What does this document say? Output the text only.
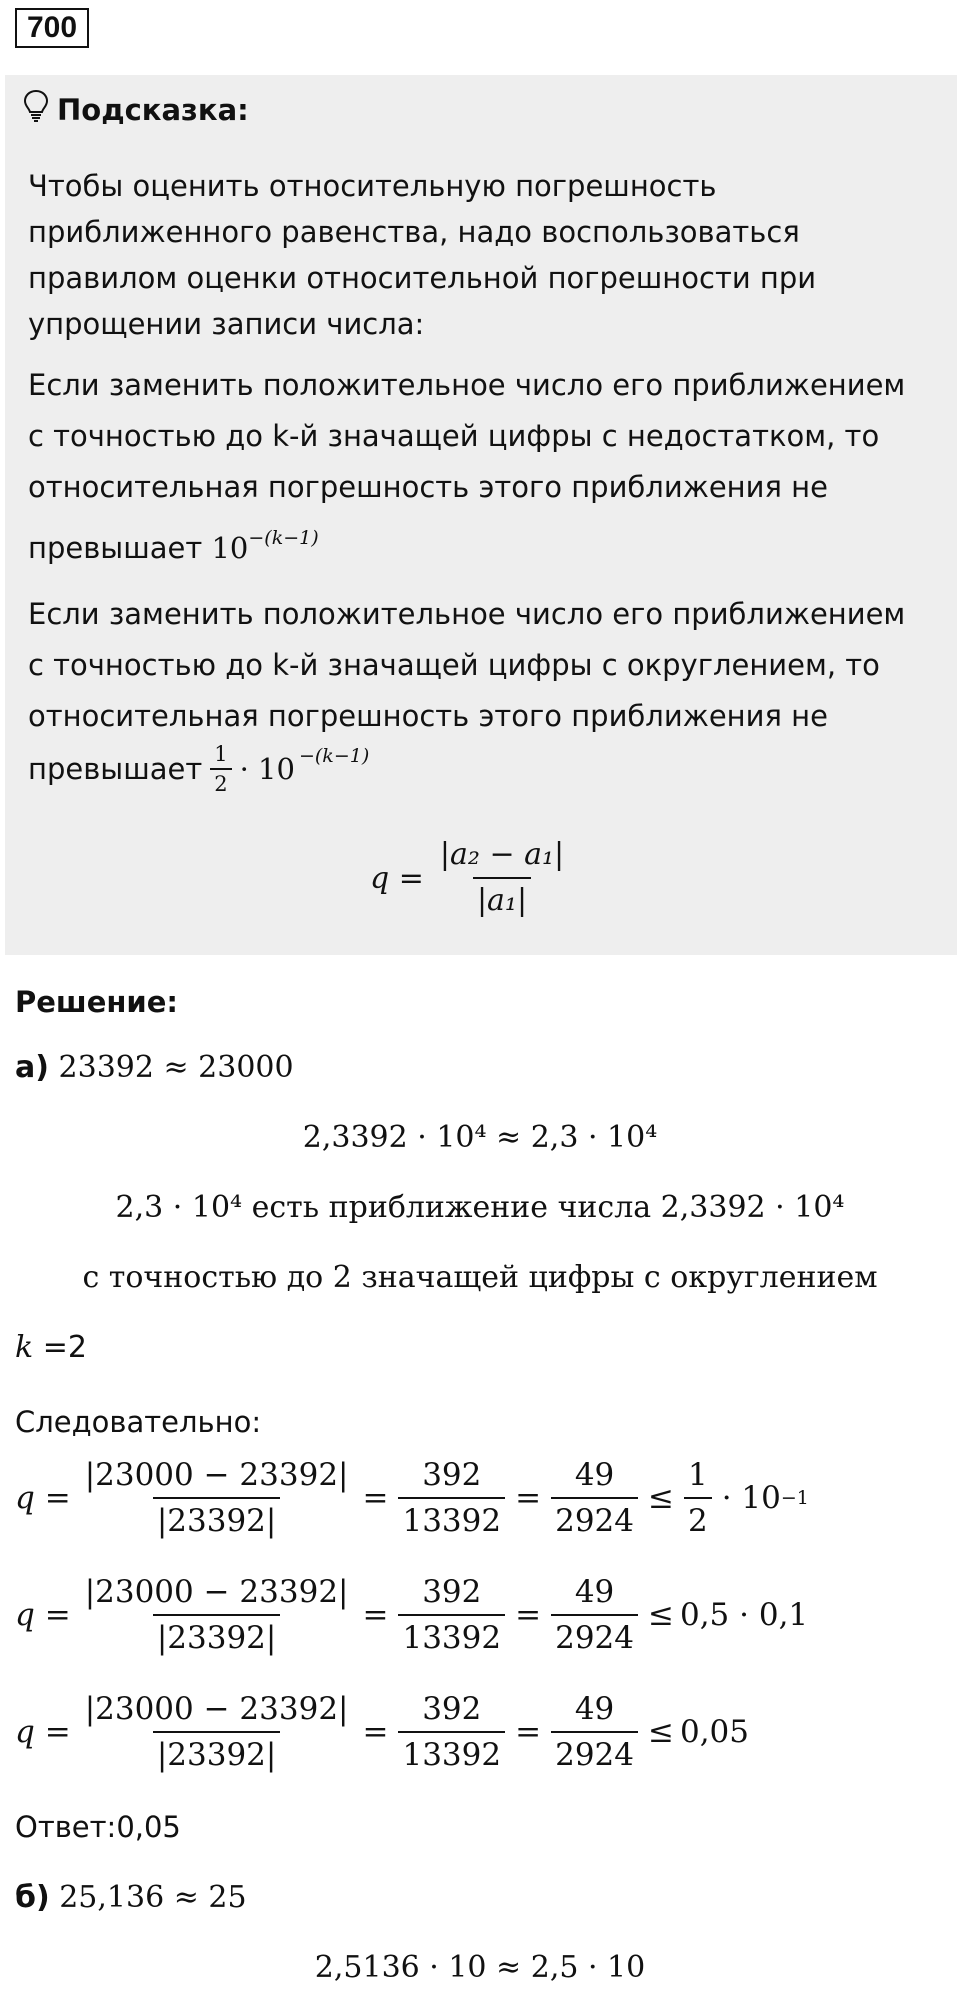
700
Подсказка:
Чтобы оценить относительную погрешность
приближенного равенства, надо воспользоваться
правилом оценки относительной погрешности при
упрощении записи числа:
Если заменить положительное число его приближением
с точностью до k-й значащей цифры с недостатком, то
относительная погрешность этого приближения не
превышает $10^{-(k-1)}$
Если заменить положительное число его приближением
с точностью до k-й значащей цифры с округлением, то
относительная погрешность этого приближения не
превышает $\frac{1}{2} \cdot 10^{-(k-1)}$
$q = \frac{\text{|a₂ − a₁|}}{\text{|a₁|}}$
Решение:
а) 23392 ≈ 23000
2,3392 · 10⁴ ≈ 2,3 · 10⁴
2,3 · 10⁴ есть приближение числа 2,3392 · 10⁴
с точностью до 2 значащей цифры с округлением
k =2
Следовательно:
$q = \frac{|23000 - 23392|}{|23392|} = \frac{392}{13392} = \frac{49}{2924} \le \frac{1}{2} \cdot 10 -1$
$q = \frac{|23000 - 23392|}{|23392|} = \frac{392}{13392} = \frac{49}{2924} \le 0,5 \cdot 0,1$
$q = \frac{|23000 - 23392|}{|23392|} = \frac{392}{13392} = \frac{49}{2924} \le 0,05$
Ответ:0,05
б) 25,136 ≈ 25
2,5136 · 10 ≈ 2,5 · 10
